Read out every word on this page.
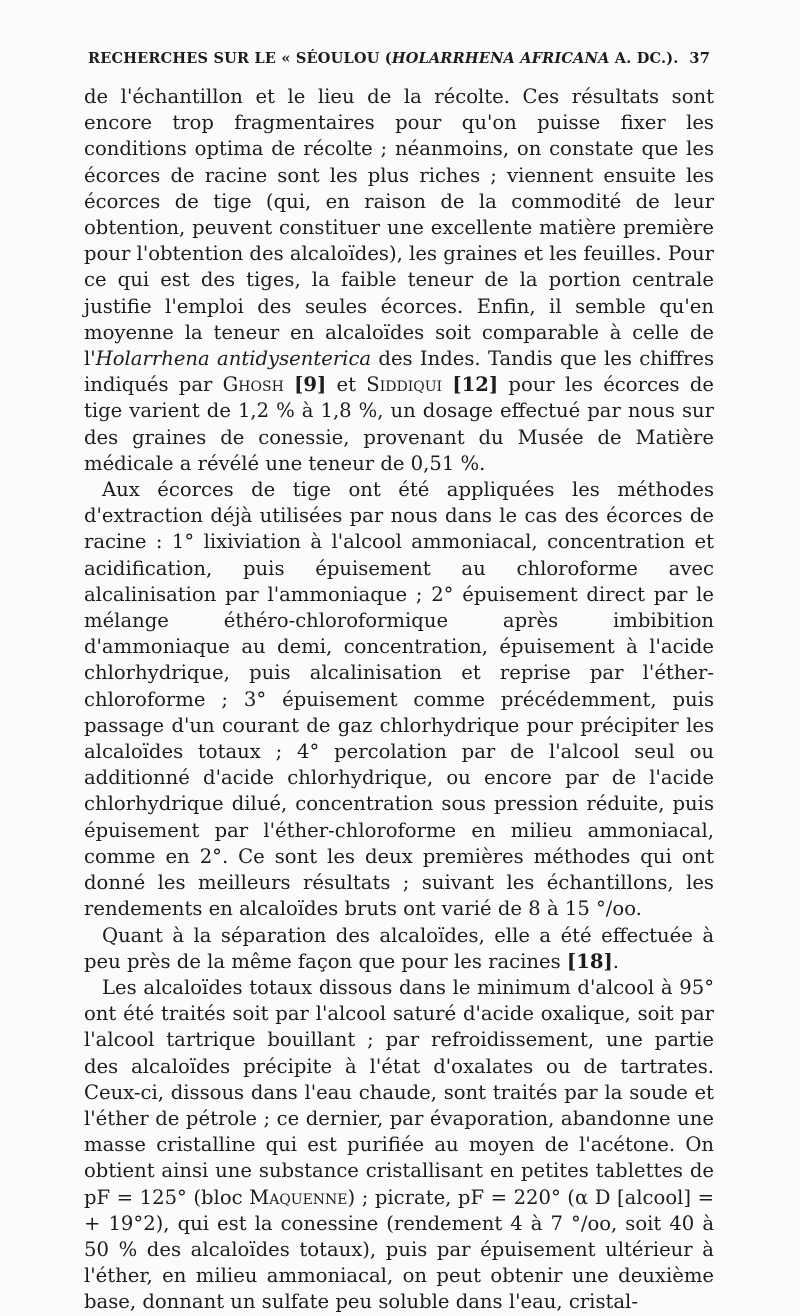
RECHERCHES SUR LE « SÉOULOU (HOLARRHENA AFRICANA A. DC.). 37

de l'échantillon et le lieu de la récolte. Ces résultats sont encore trop fragmentaires pour qu'on puisse fixer les conditions optima de récolte ; néanmoins, on constate que les écorces de racine sont les plus riches ; viennent ensuite les écorces de tige (qui, en raison de la commodité de leur obtention, peuvent constituer une excellente matière première pour l'obtention des alcaloïdes), les graines et les feuilles. Pour ce qui est des tiges, la faible teneur de la portion centrale justifie l'emploi des seules écorces. Enfin, il semble qu'en moyenne la teneur en alcaloïdes soit comparable à celle de l'Holarrhena antidysenterica des Indes. Tandis que les chiffres indiqués par Ghosh [9] et Siddiqui [12] pour les écorces de tige varient de 1,2 % à 1,8 %, un dosage effectué par nous sur des graines de conessie, provenant du Musée de Matière médicale a révélé une teneur de 0,51 %.

Aux écorces de tige ont été appliquées les méthodes d'extraction déjà utilisées par nous dans le cas des écorces de racine : 1° lixiviation à l'alcool ammoniacal, concentration et acidification, puis épuisement au chloroforme avec alcalinisation par l'ammoniaque ; 2° épuisement direct par le mélange éthéro-chloroformique après imbibition d'ammoniaque au demi, concentration, épuisement à l'acide chlorhydrique, puis alcalinisation et reprise par l'éther-chloroforme ; 3° épuisement comme précédemment, puis passage d'un courant de gaz chlorhydrique pour précipiter les alcaloïdes totaux ; 4° percolation par de l'alcool seul ou additionné d'acide chlorhydrique, ou encore par de l'acide chlorhydrique dilué, concentration sous pression réduite, puis épuisement par l'éther-chloroforme en milieu ammoniacal, comme en 2°. Ce sont les deux premières méthodes qui ont donné les meilleurs résultats ; suivant les échantillons, les rendements en alcaloïdes bruts ont varié de 8 à 15 °/oo.

Quant à la séparation des alcaloïdes, elle a été effectuée à peu près de la même façon que pour les racines [18].

Les alcaloïdes totaux dissous dans le minimum d'alcool à 95° ont été traités soit par l'alcool saturé d'acide oxalique, soit par l'alcool tartrique bouillant ; par refroidissement, une partie des alcaloïdes précipite à l'état d'oxalates ou de tartrates. Ceux-ci, dissous dans l'eau chaude, sont traités par la soude et l'éther de pétrole ; ce dernier, par évaporation, abandonne une masse cristalline qui est purifiée au moyen de l'acétone. On obtient ainsi une substance cristallisant en petites tablettes de pF = 125° (bloc Maquenne) ; picrate, pF = 220° (α D [alcool] = + 19°2), qui est la conessine (rendement 4 à 7 °/oo, soit 40 à 50 % des alcaloïdes totaux), puis par épuisement ultérieur à l'éther, en milieu ammoniacal, on peut obtenir une deuxième base, donnant un sulfate peu soluble dans l'eau, cristal-
